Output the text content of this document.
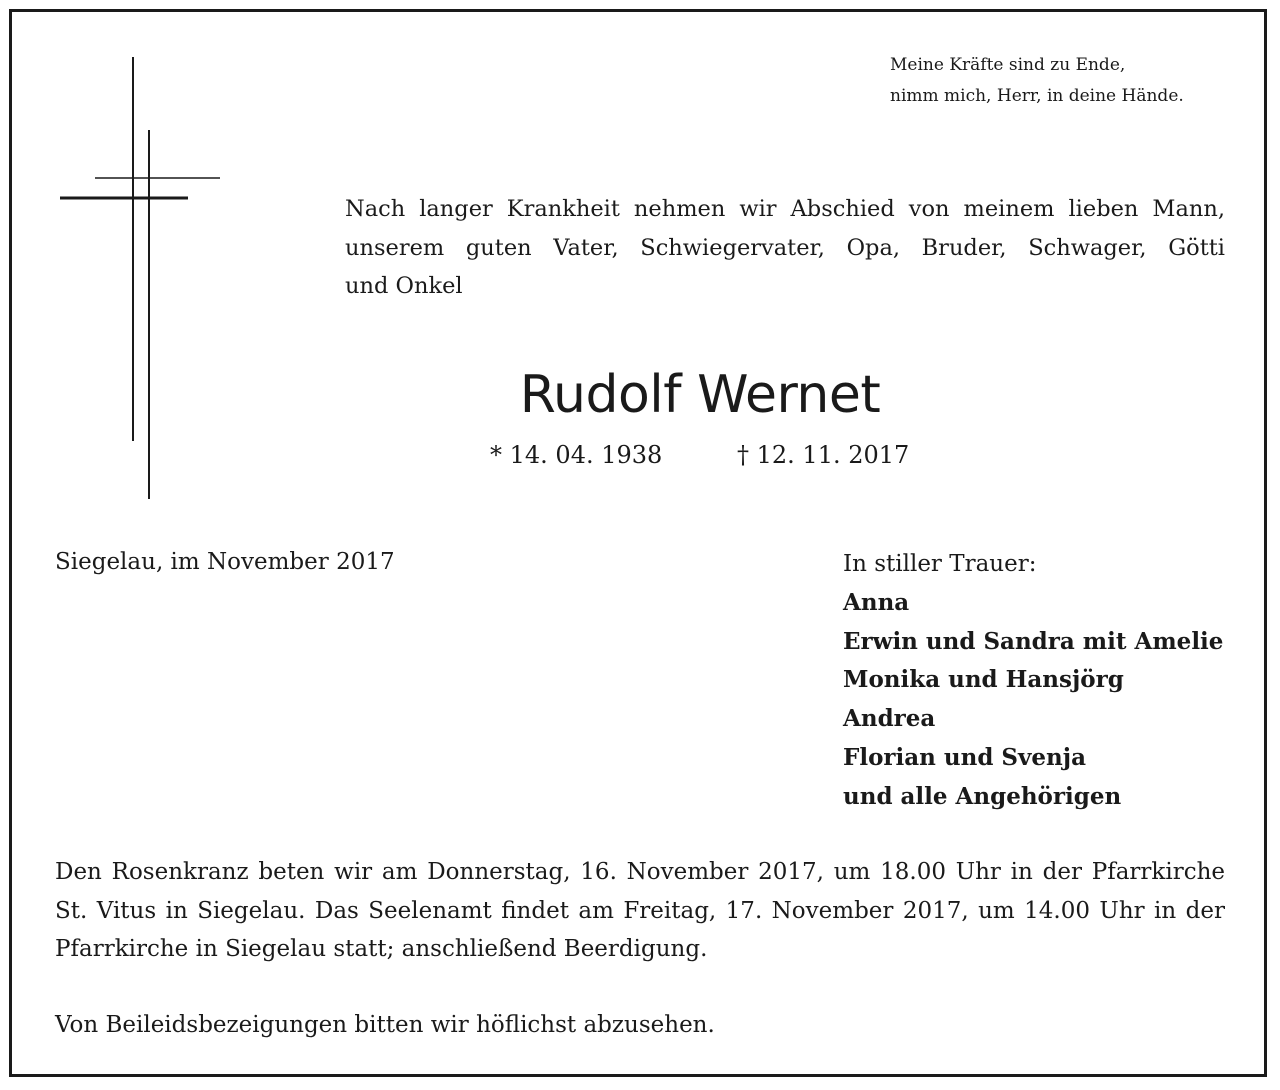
Meine Kräfte sind zu Ende,
nimm mich, Herr, in deine Hände.
Nach langer Krankheit nehmen wir Abschied von meinem lieben Mann,
unserem guten Vater, Schwiegervater, Opa, Bruder, Schwager, Götti
und Onkel
Rudolf Wernet
* 14. 04. 1938	† 12. 11. 2017
Siegelau, im November 2017	In stiller Trauer:
Anna
Erwin und Sandra mit Amelie
Monika und Hansjörg
Andrea
Florian und Svenja
und alle Angehörigen
Den Rosenkranz beten wir am Donnerstag, 16. November 2017, um 18.00 Uhr in der Pfarrkirche
St. Vitus in Siegelau. Das Seelenamt findet am Freitag, 17. November 2017, um 14.00 Uhr in der
Pfarrkirche in Siegelau statt; anschließend Beerdigung.
Von Beileidsbezeigungen bitten wir höflichst abzusehen.
